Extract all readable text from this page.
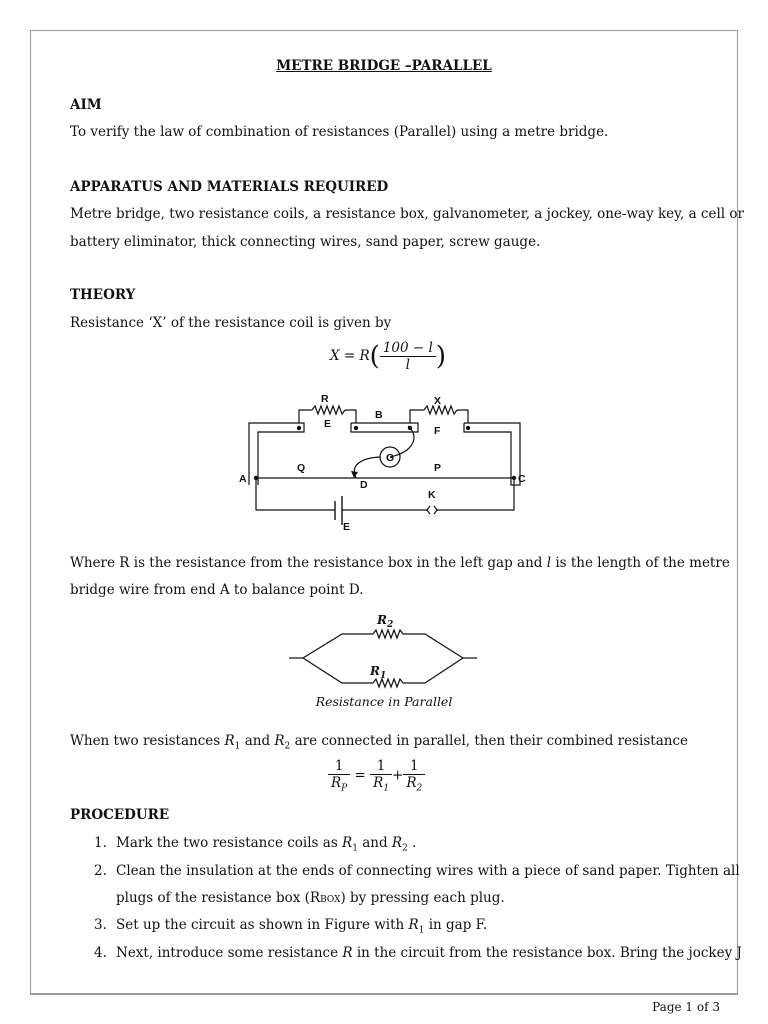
METRE BRIDGE –PARALLEL
AIM
To verify the law of combination of resistances (Parallel) using a metre bridge.
APPARATUS AND MATERIALS REQUIRED
Metre bridge, two resistance coils, a resistance box, galvanometer, a jockey, one-way key, a cell or
battery eliminator, thick connecting wires, sand paper, screw gauge.
THEORY
Resistance ‘X’ of the resistance coil is given by
$X = R( \frac{100 - l}{l}$ )
R
B
X
E
F
G
A
Q	P
C
D
K
E
Where R is the resistance from the resistance box in the left gap and l is the length of the metre
bridge wire from end A to balance point D.
$R_2$
$R_1$
Resistance in Parallel
When two resistances $R_1$ and $R_2$ are connected in parallel, then their combined resistance
$\frac{1}{R_P} = \frac{1}{R_1} + \frac{1}{R_2}$
PROCEDURE
1. Mark the two resistance coils as $R_1$ and $R_2$ .
2. Clean the insulation at the ends of connecting wires with a piece of sand paper. Tighten all
plugs of the resistance box (RBOX) by pressing each plug.
3. Set up the circuit as shown in Figure with $R_1$ in gap F.
4. Next, introduce some resistance R in the circuit from the resistance box. Bring the jockey J
Page 1 of 3
